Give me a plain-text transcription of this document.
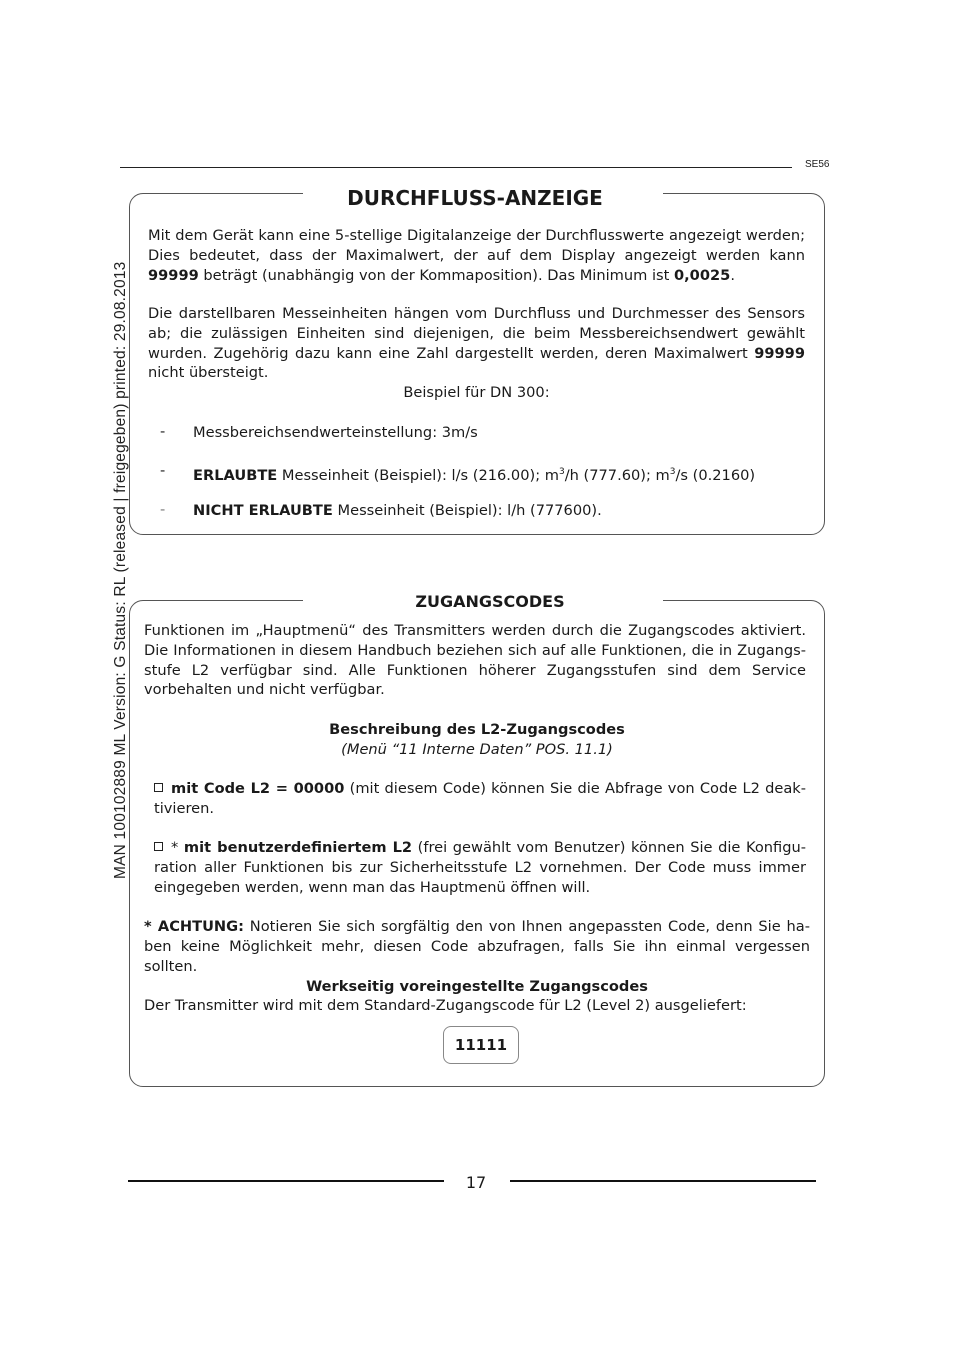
MAN 100102889 ML Version: G Status: RL (released | freigegeben) printed: 29.08.2013
SE56
DURCHFLUSS-ANZEIGE
Mit dem Gerät kann eine 5-stellige Digitalanzeige der Durchflusswerte angezeigt werden; Dies bedeutet, dass der Maximalwert, der auf dem Display angezeigt werden kann 99999 beträgt (unabhängig von der Kommaposition). Das Minimum ist 0,0025.
Die darstellbaren Messeinheiten hängen vom Durchfluss und Durchmesser des Sensors ab; die zulässigen Einheiten sind diejenigen, die beim Messbereichsendwert gewählt wurden. Zugehörig dazu kann eine Zahl dargestellt werden, deren Maximalwert 99999 nicht übersteigt.
Beispiel für DN 300:
- Messbereichsendwerteinstellung: 3m/s
- ERLAUBTE Messeinheit (Beispiel): l/s (216.00); $m^3/h$ (777.60); $m^3/s$ (0.2160)
- NICHT ERLAUBTE Messeinheit (Beispiel): l/h (777600).
ZUGANGSCODES
Funktionen im „Hauptmenü“ des Transmitters werden durch die Zugangscodes aktiviert. Die Informationen in diesem Handbuch beziehen sich auf alle Funktionen, die in Zugangsstufe L2 verfügbar sind. Alle Funktionen höherer Zugangsstufen sind dem Service vorbehalten und nicht verfügbar.
Beschreibung des L2-Zugangscodes
(Menü “11 Interne Daten” POS. 11.1)
mit Code L2 = 00000 (mit diesem Code) können Sie die Abfrage von Code L2 deaktivieren.
* mit benutzerdefiniertem L2 (frei gewählt vom Benutzer) können Sie die Konfiguration aller Funktionen bis zur Sicherheitsstufe L2 vornehmen. Der Code muss immer eingegeben werden, wenn man das Hauptmenü öffnen will.
* ACHTUNG: Notieren Sie sich sorgfältig den von Ihnen angepassten Code, denn Sie haben keine Möglichkeit mehr, diesen Code abzufragen, falls Sie ihn einmal vergessen sollten.
Werkseitig voreingestellte Zugangscodes
Der Transmitter wird mit dem Standard-Zugangscode für L2 (Level 2) ausgeliefert:
11111
17
